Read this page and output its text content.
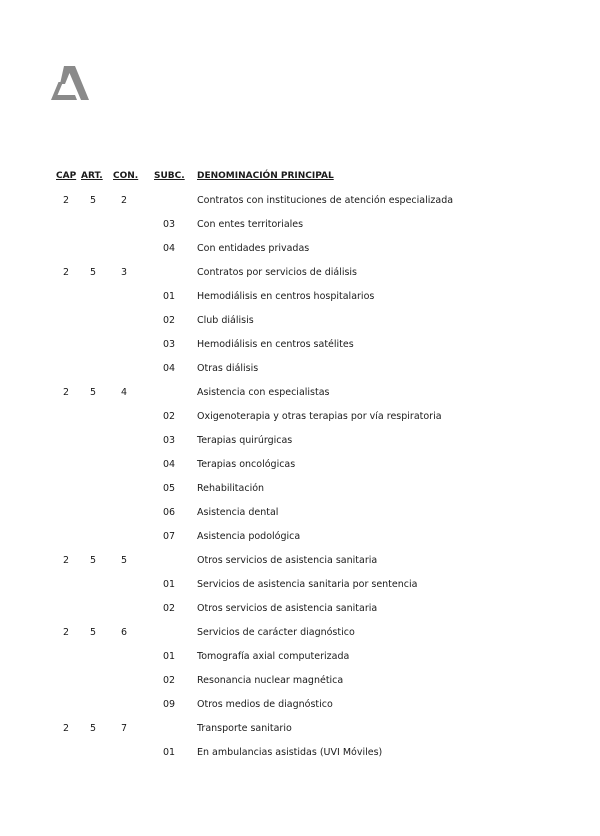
CAP ART. CON. SUBC. DENOMINACIÓN PRINCIPAL
2	5	2	Contratos con instituciones de atención especializada
03	Con entes territoriales
04	Con entidades privadas
2	5	3	Contratos por servicios de diálisis
01	Hemodiálisis en centros hospitalarios
02	Club diálisis
03	Hemodiálisis en centros satélites
04	Otras diálisis
2	5	4	Asistencia con especialistas
02	Oxigenoterapia y otras terapias por vía respiratoria
03	Terapias quirúrgicas
04	Terapias oncológicas
05	Rehabilitación
06	Asistencia dental
07	Asistencia podológica
2	5	5	Otros servicios de asistencia sanitaria
01	Servicios de asistencia sanitaria por sentencia
02	Otros servicios de asistencia sanitaria
2	5	6	Servicios de carácter diagnóstico
01	Tomografía axial computerizada
02	Resonancia nuclear magnética
09	Otros medios de diagnóstico
2	5	7	Transporte sanitario
01	En ambulancias asistidas (UVI Móviles)
